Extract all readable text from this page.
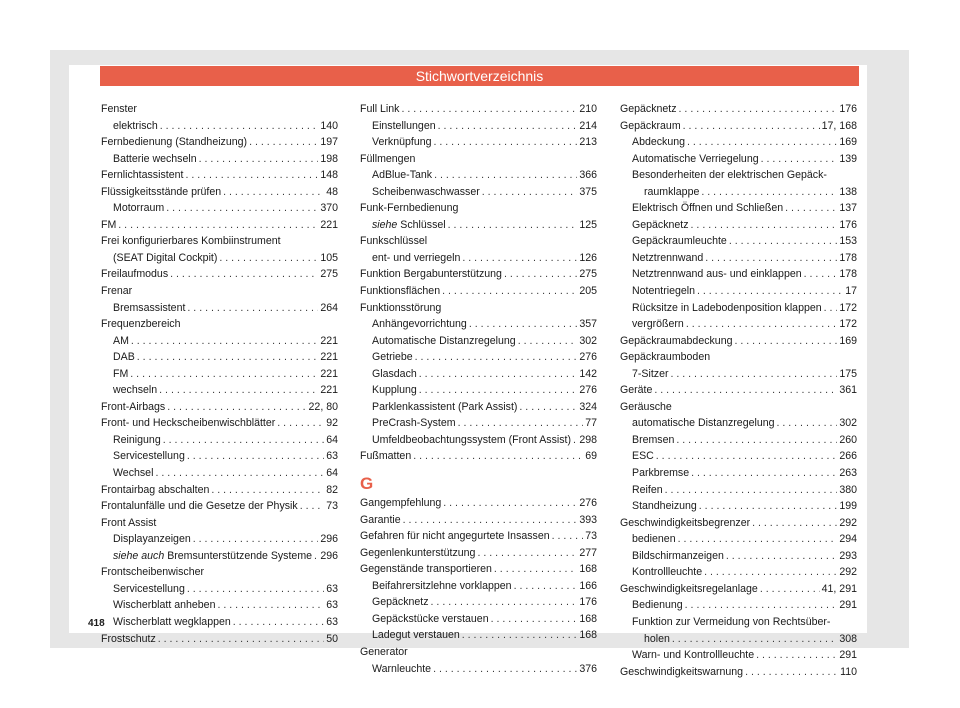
Stichwortverzeichnis
Fenster
elektrisch . . .	140
Fernbedienung (Standheizung) . . .	197
Batterie wechseln . . .	198
Fernlichtassistent . . .	148
Flüssigkeitsstände prüfen . . .	48
Motorraum . . .	370
FM . . .	221
Frei konfigurierbares Kombiinstrument
(SEAT Digital Cockpit) . . .	105
Freilaufmodus . . .	275
Frenar
Bremsassistent . . .	264
Frequenzbereich
AM . . .	221
DAB . . .	221
FM . . .	221
wechseln . . .	221
Front-Airbags . . .	22, 80
Front- und Heckscheibenwischblätter . . .	92
Reinigung . . .	64
Servicestellung . . .	63
Wechsel . . .	64
Frontairbag abschalten . . .	82
Frontalunfälle und die Gesetze der Physik . . .	73
Front Assist
Displayanzeigen . . .	296
siehe auch Bremsunterstützende Systeme . . . 296
Frontscheibenwischer
Servicestellung . . .	63
Wischerblatt anheben . . .	63
Wischerblatt wegklappen . . .	63
Frostschutz . . .	50
Full Link . . .	210
Einstellungen . . .	214
Verknüpfung . . .	213
Füllmengen
AdBlue-Tank . . .	366
Scheibenwaschwasser . . .	375
Funk-Fernbedienung
siehe Schlüssel . . .	125
Funkschlüssel
ent- und verriegeln . . .	126
Funktion Bergabunterstützung . . .	275
Funktionsflächen . . .	205
Funktionsstörung
Anhängevorrichtung . . .	357
Automatische Distanzregelung . . .	302
Getriebe . . .	276
Glasdach . . .	142
Kupplung . . .	276
Parklenkassistent (Park Assist) . . .	324
PreCrash-System . . .	77
Umfeldbeobachtungssystem (Front Assist) . . . 298
Fußmatten . . .	69
G
Gangempfehlung . . .	276
Garantie . . .	393
Gefahren für nicht angegurtete Insassen . . .	73
Gegenlenkunterstützung . . .	277
Gegenstände transportieren . . .	168
Beifahrersitzlehne vorklappen . . .	166
Gepäcknetz . . .	176
Gepäckstücke verstauen . . .	168
Ladegut verstauen . . .	168
Generator
Warnleuchte . . .	376
Gepäcknetz . . .	176
Gepäckraum . . .	17, 168
Abdeckung . . .	169
Automatische Verriegelung . . .	139
Besonderheiten der elektrischen Gepäck-
raumklappe . . .	138
Elektrisch Öffnen und Schließen . . .	137
Gepäcknetz . . .	176
Gepäckraumleuchte . . .	153
Netztrennwand . . .	178
Netztrennwand aus- und einklappen . . .	178
Notentriegeln . . .	17
Rücksitze in Ladebodenposition klappen . . . 172
vergrößern . . .	172
Gepäckraumabdeckung . . .	169
Gepäckraumboden
7-Sitzer . . .	175
Geräte . . .	361
Geräusche
automatische Distanzregelung . . .	302
Bremsen . . .	260
ESC . . .	266
Parkbremse . . .	263
Reifen . . .	380
Standheizung . . .	199
Geschwindigkeitsbegrenzer . . .	292
bedienen . . .	294
Bildschirmanzeigen . . .	293
Kontrollleuchte . . .	292
Geschwindigkeitsregelanlage . . .	41, 291
Bedienung . . .	291
Funktion zur Vermeidung von Rechtsüber-
holen . . .	308
Warn- und Kontrollleuchte . . .	291
Geschwindigkeitswarnung . . .	110
418
